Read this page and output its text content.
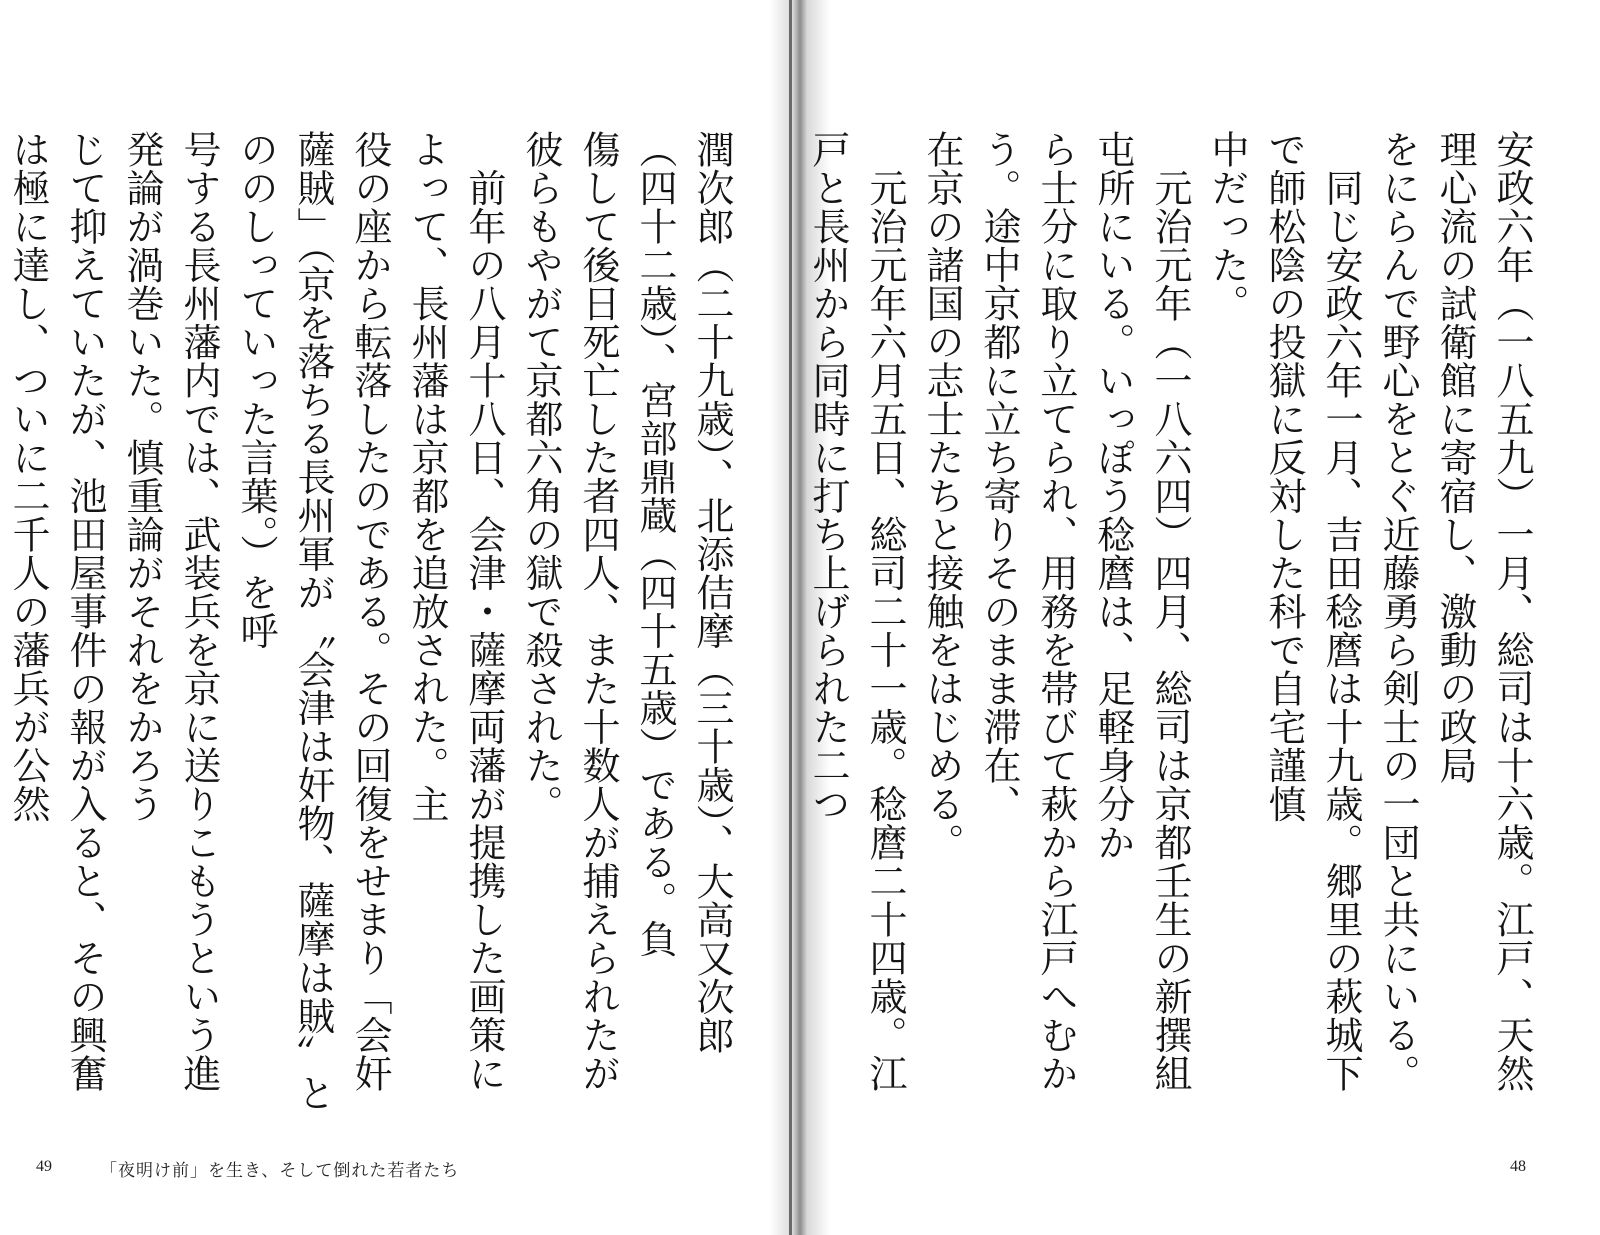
潤次郎（二十九歳）、北添佶摩（三十歳）、大高又次郎（四十二歳）、宮部鼎蔵（四十五歳）である。負
傷して後日死亡した者四人、また十数人が捕えられたが彼らもやがて京都六角の獄で殺された。
　前年の八月十八日、会津・薩摩両藩が提携した画策によって、長州藩は京都を追放された。主
役の座から転落したのである。その回復をせまり「会奸薩賊」（京を落ちる長州軍が〝会津は奸物、薩摩は賊〟とののしっていった言葉。）を呼
号する長州藩内では、武装兵を京に送りこもうという進発論が渦巻いた。慎重論がそれをかろう
じて抑えていたが、池田屋事件の報が入ると、その興奮は極に達し、ついに二千人の藩兵が公然
49	「夜明け前」を生き、そして倒れた若者たち
安政六年（一八五九）一月、総司は十六歳。江戸、天然理心流の試衛館に寄宿し、激動の政局
をにらんで野心をとぐ近藤勇ら剣士の一団と共にいる。
　同じ安政六年一月、吉田稔麿は十九歳。郷里の萩城下で師松陰の投獄に反対した科で自宅謹慎
中だった。
　元治元年（一八六四）四月、総司は京都壬生の新撰組屯所にいる。いっぽう稔麿は、足軽身分か
ら士分に取り立てられ、用務を帯びて萩から江戸へむかう。途中京都に立ち寄りそのまま滞在、
在京の諸国の志士たちと接触をはじめる。
　元治元年六月五日、総司二十一歳。稔麿二十四歳。江戸と長州から同時に打ち上げられた二つ
48
